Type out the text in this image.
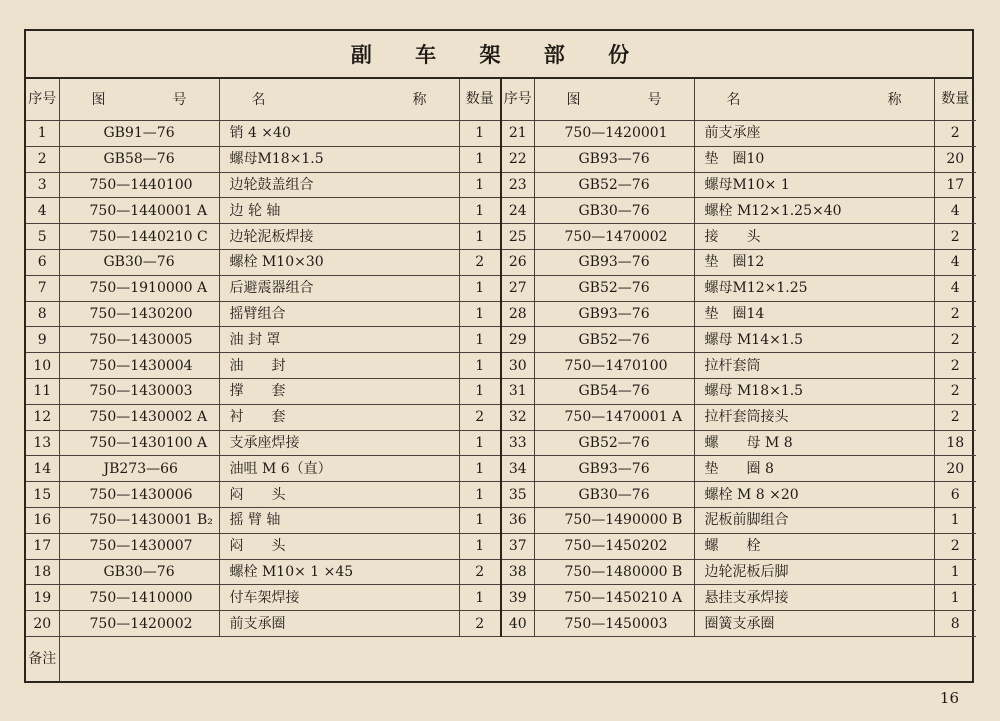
副 车 架 部 份
序号	图 号	名 称	数量	序号	图 号	名 称	数量
1	GB91—76	销 4 ×40	1	21	750—1420001	前支承座	2
2	GB58—76	螺母M18×1.5	1	22	GB93—76	垫　圈10	20
3	750—1440100	边轮鼓盖组合	1	23	GB52—76	螺母M10× 1	17
4	750—1440001 A	边 轮 轴	1	24	GB30—76	螺栓 M12×1.25×40	4
5	750—1440210 C	边轮泥板焊接	1	25	750—1470002	接　　头	2
6	GB30—76	螺栓 M10×30	2	26	GB93—76	垫　圈12	4
7	750—1910000 A	后避震器组合	1	27	GB52—76	螺母M12×1.25	4
8	750—1430200	摇臂组合	1	28	GB93—76	垫　圈14	2
9	750—1430005	油 封 罩	1	29	GB52—76	螺母 M14×1.5	2
10	750—1430004	油　　封	1	30	750—1470100	拉杆套筒	2
11	750—1430003	撑　　套	1	31	GB54—76	螺母 M18×1.5	2
12	750—1430002 A	衬　　套	2	32	750—1470001 A	拉杆套筒接头	2
13	750—1430100 A	支承座焊接	1	33	GB52—76	螺　　母 M 8	18
14	JB273—66	油咀 M 6（直）	1	34	GB93—76	垫　　圈 8	20
15	750—1430006	闷　　头	1	35	GB30—76	螺栓 M 8 ×20	6
16	750—1430001 B₂	摇 臂 轴	1	36	750—1490000 B	泥板前脚组合	1
17	750—1430007	闷　　头	1	37	750—1450202	螺　　栓	2
18	GB30—76	螺栓 M10× 1 ×45	2	38	750—1480000 B	边轮泥板后脚	1
19	750—1410000	付车架焊接	1	39	750—1450210 A	悬挂支承焊接	1
20	750—1420002	前支承圈	2	40	750—1450003	圈簧支承圈	8
备注							
16
